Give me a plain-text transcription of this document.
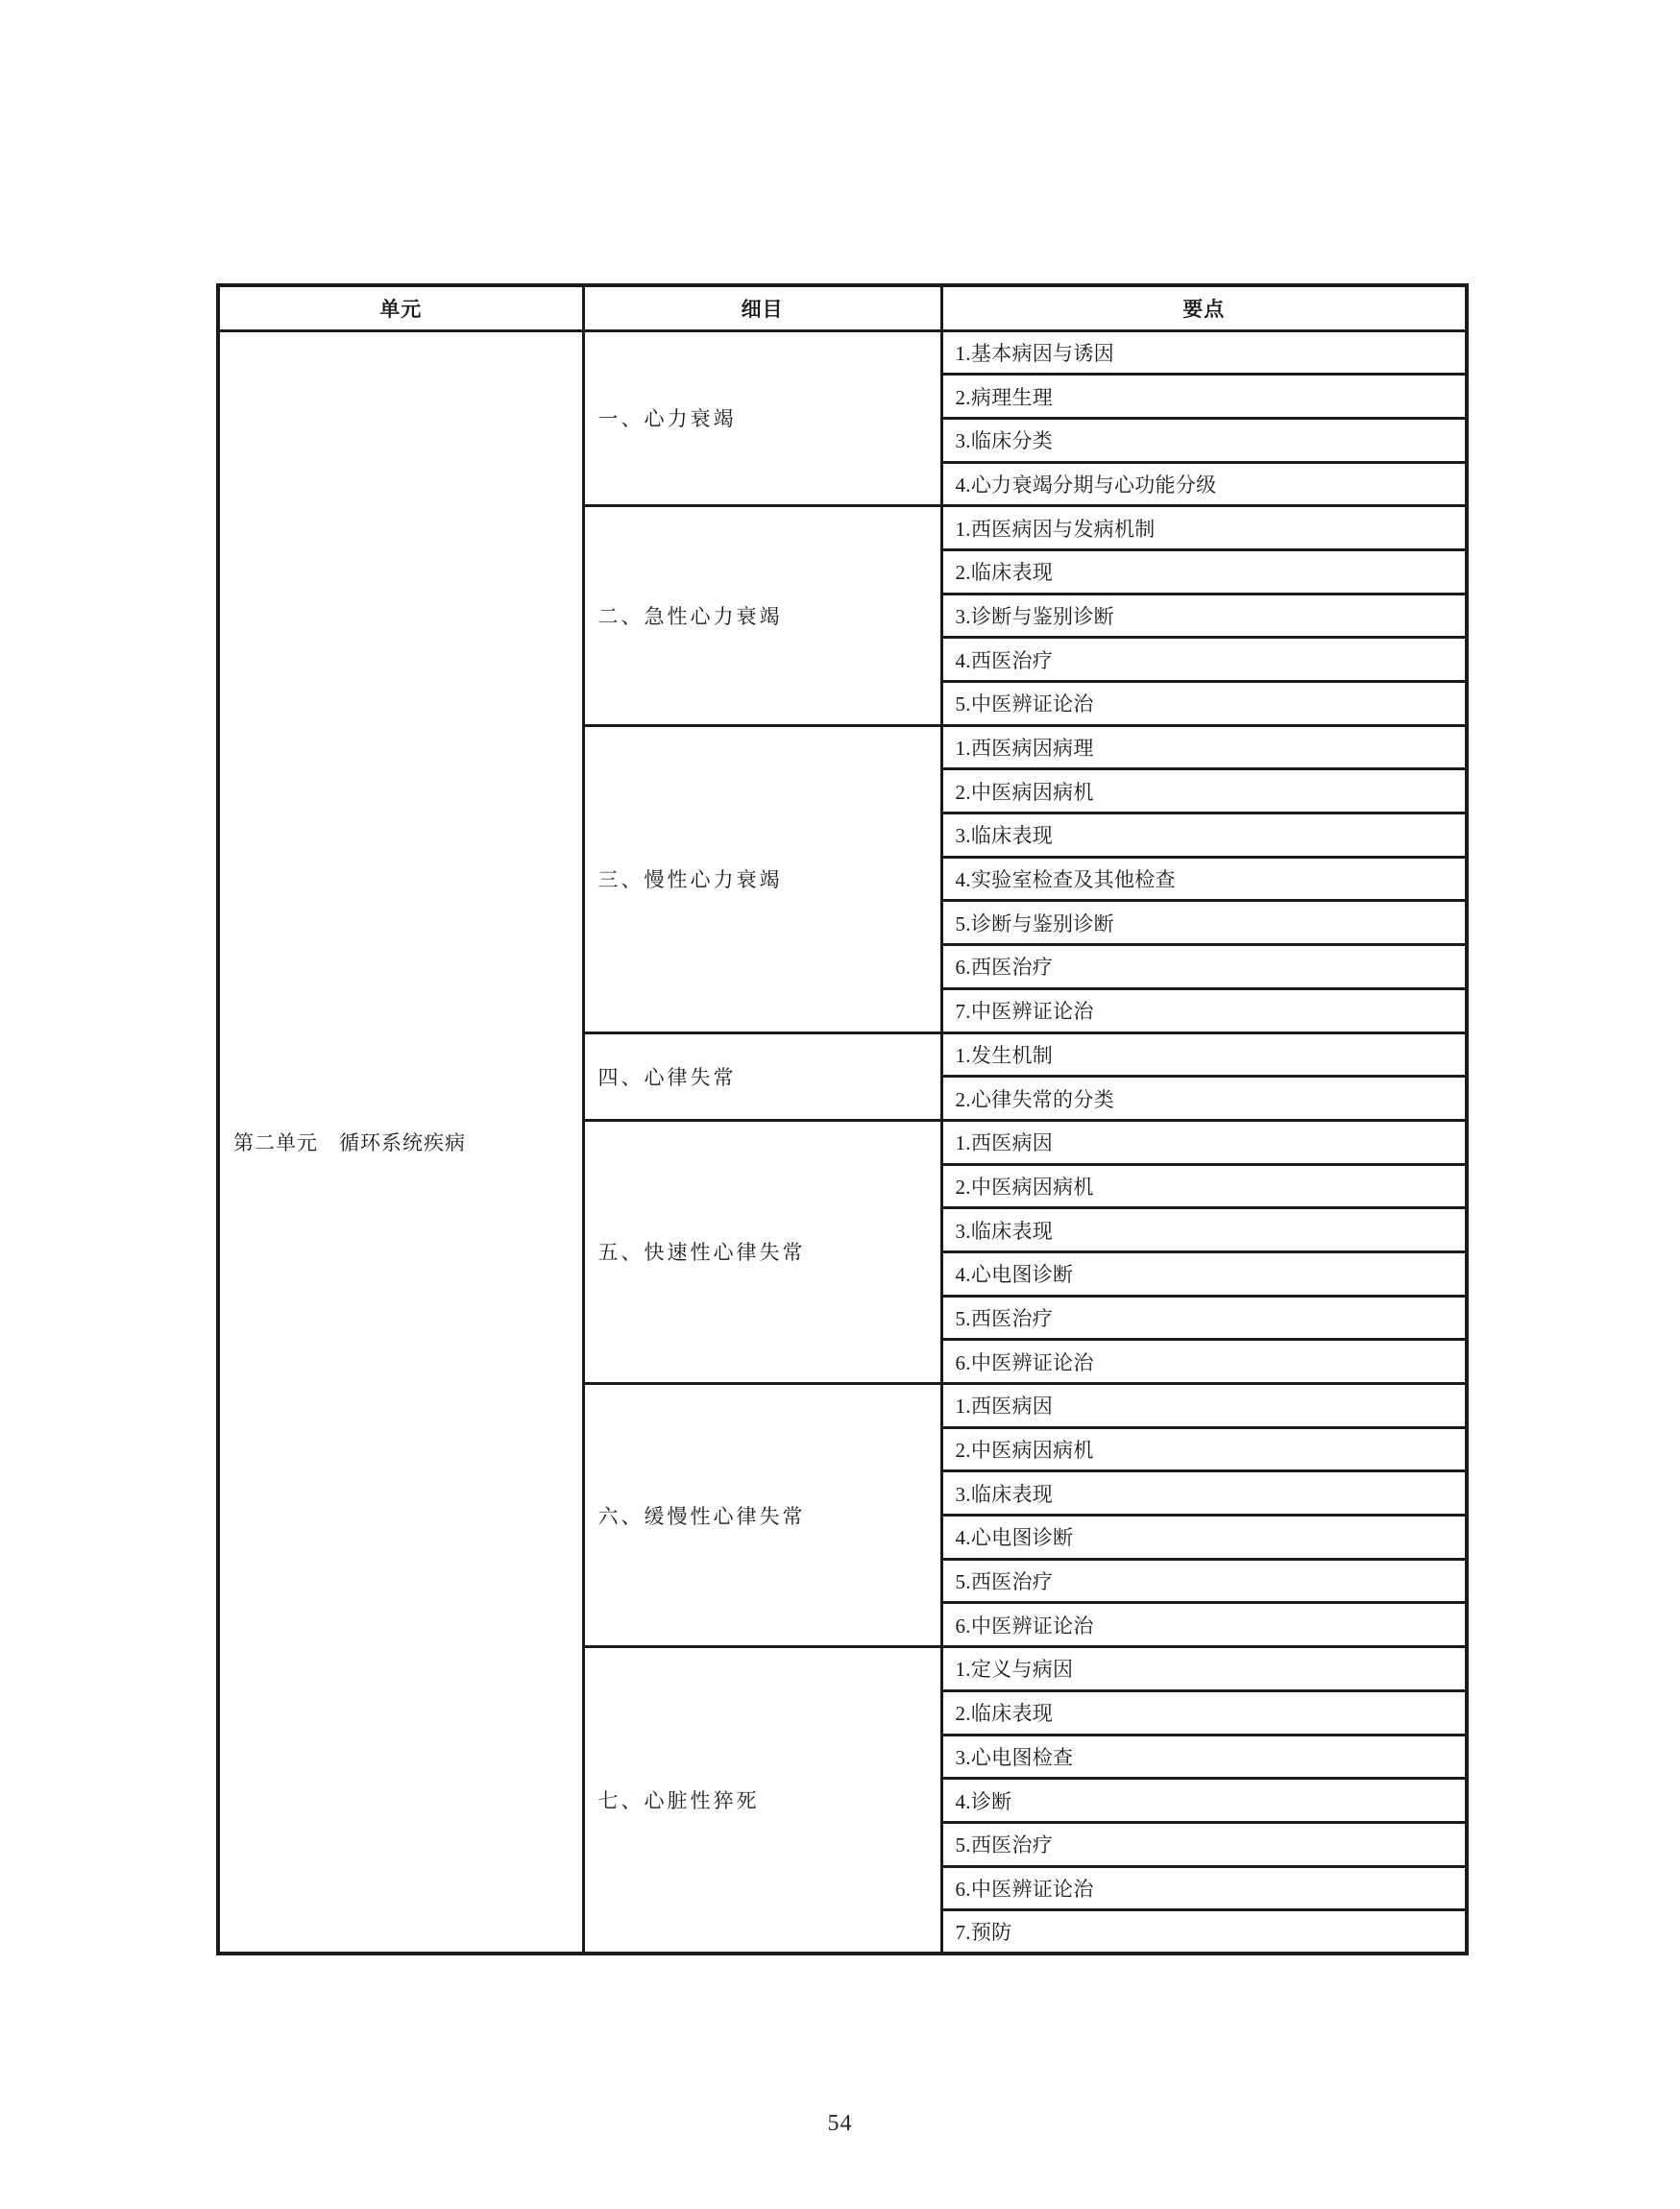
单元	细目	要点
第二单元　循环系统疾病	一、心力衰竭	1.基本病因与诱因
		2.病理生理
		3.临床分类
		4.心力衰竭分期与心功能分级
	二、急性心力衰竭	1.西医病因与发病机制
		2.临床表现
		3.诊断与鉴别诊断
		4.西医治疗
		5.中医辨证论治
	三、慢性心力衰竭	1.西医病因病理
		2.中医病因病机
		3.临床表现
		4.实验室检查及其他检查
		5.诊断与鉴别诊断
		6.西医治疗
		7.中医辨证论治
	四、心律失常	1.发生机制
		2.心律失常的分类
	五、快速性心律失常	1.西医病因
		2.中医病因病机
		3.临床表现
		4.心电图诊断
		5.西医治疗
		6.中医辨证论治
	六、缓慢性心律失常	1.西医病因
		2.中医病因病机
		3.临床表现
		4.心电图诊断
		5.西医治疗
		6.中医辨证论治
	七、心脏性猝死	1.定义与病因
		2.临床表现
		3.心电图检查
		4.诊断
		5.西医治疗
		6.中医辨证论治
		7.预防
54
